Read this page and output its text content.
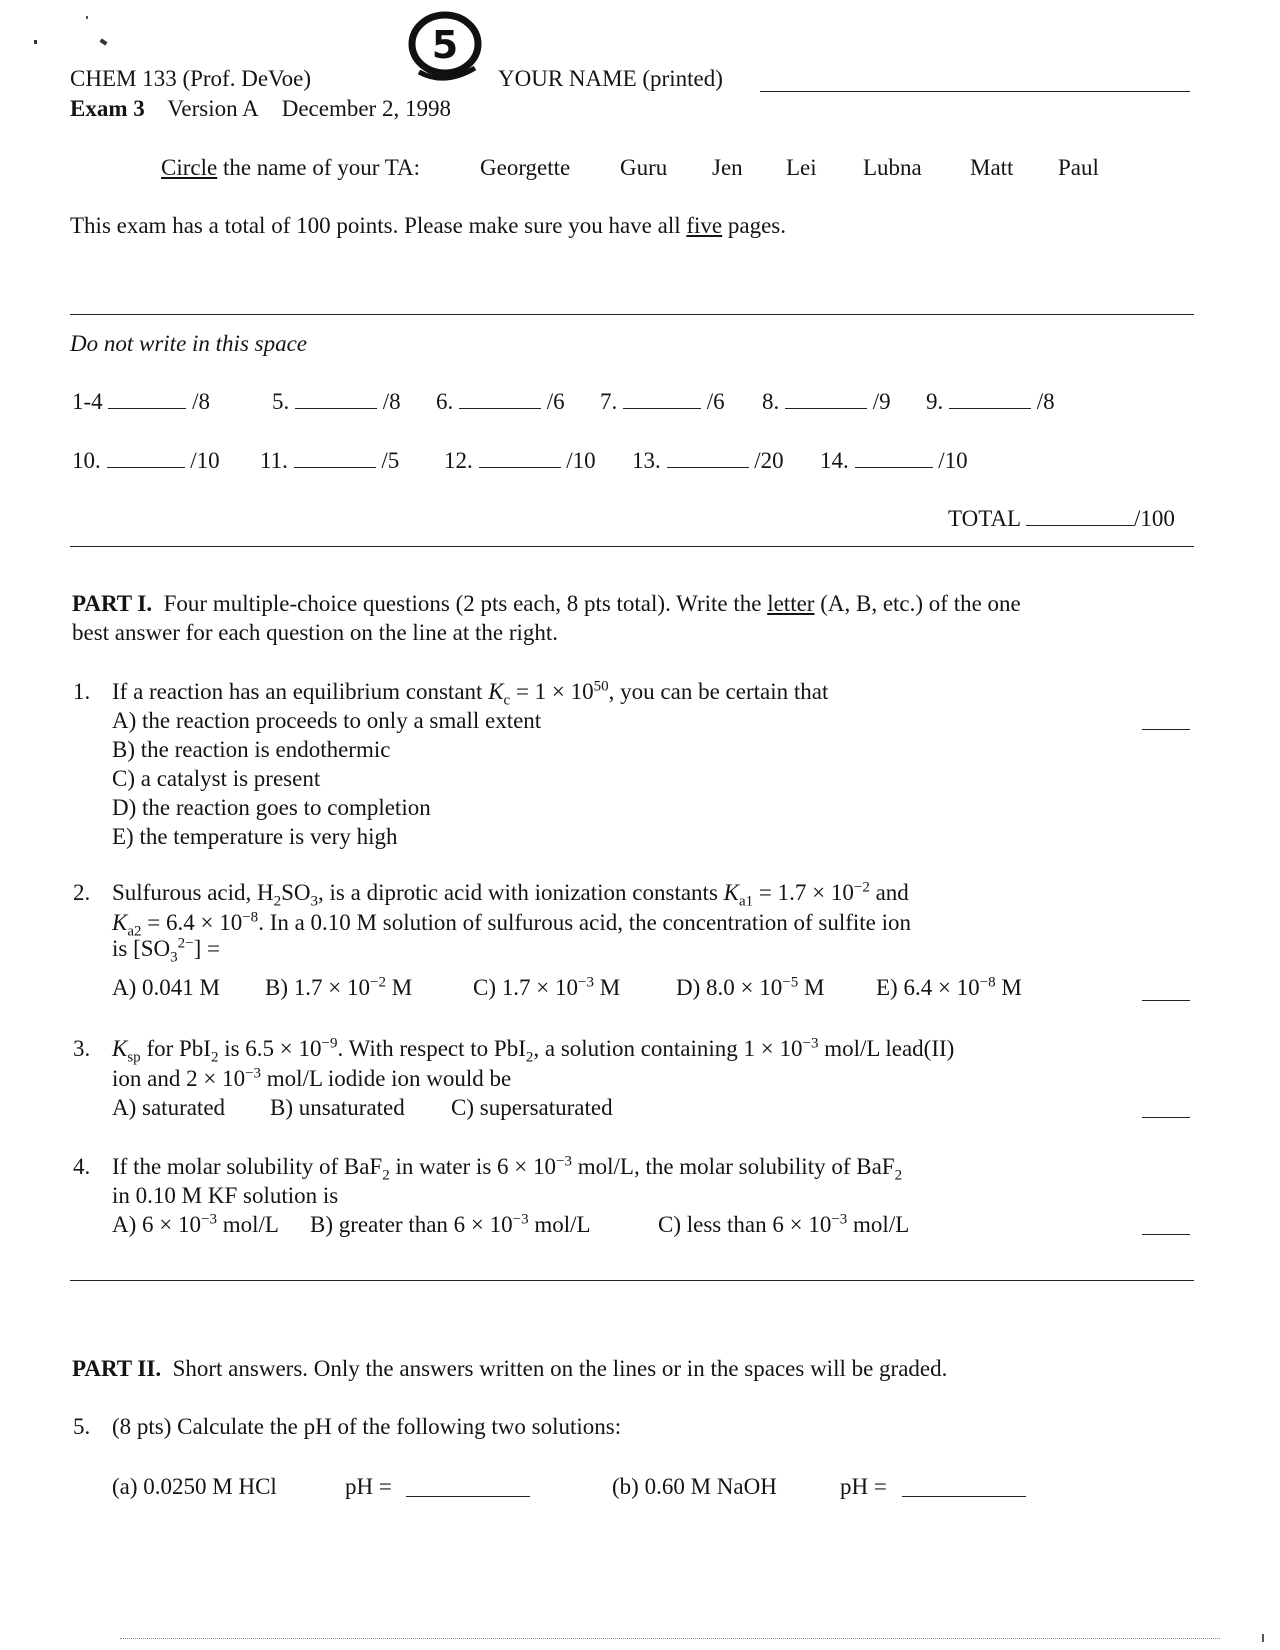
CHEM 133 (Prof. DeVoe)
5
YOUR NAME (printed)
Exam 3 Version A December 2, 1998
Circle the name of your TA:	Georgette Guru Jen Lei Lubna Matt Paul
This exam has a total of 100 points. Please make sure you have all five pages.
Do not write in this space
1-4	/8	5.	/8 6.	/6 7.	/6 8.	/9 9.	/8
10.	/10 11.	/5 12.	/10 13.	/20 14.	/10
TOTAL	/100
PART I. Four multiple-choice questions (2 pts each, 8 pts total). Write the letter (A, B, etc.) of the one
best answer for each question on the line at the right.
1. If a reaction has an equilibrium constant $K_c = 1 \times 10^{50}$, you can be certain that
A) the reaction proceeds to only a small extent
B) the reaction is endothermic
C) a catalyst is present
D) the reaction goes to completion
E) the temperature is very high
2. Sulfurous acid, $H_2SO_3$, is a diprotic acid with ionization constants $K_{a1} = 1.7 \times 10^{-2}$ and
$K_{a2} = 6.4 \times 10^{-8}$. In a 0.10 M solution of sulfurous acid, the concentration of sulfite ion
is $[SO_3^{2-}]$ =
A) 0.041 M B) $1.7 \times 10^{-2}$ M	C) $1.7 \times 10^{-3}$ M D) $8.0 \times 10^{-5}$ M E) $6.4 \times 10^{-8}$ M
3. $K_{sp}$ for PbI$_2$ is $6.5 \times 10^{-9}$. With respect to PbI$_2$, a solution containing $1 \times 10^{-3}$ mol/L lead(II)
ion and $2 \times 10^{-3}$ mol/L iodide ion would be
A) saturated B) unsaturated C) supersaturated
4. If the molar solubility of BaF$_2$ in water is $6 \times 10^{-3}$ mol/L, the molar solubility of BaF$_2$
in 0.10 M KF solution is
A) $6 \times 10^{-3}$ mol/L B) greater than $6 \times 10^{-3}$ mol/L	C) less than $6 \times 10^{-3}$ mol/L
PART II. Short answers. Only the answers written on the lines or in the spaces will be graded.
5. (8 pts) Calculate the pH of the following two solutions:
(a) 0.0250 M HCl	pH =	(b) 0.60 M NaOH	pH =
